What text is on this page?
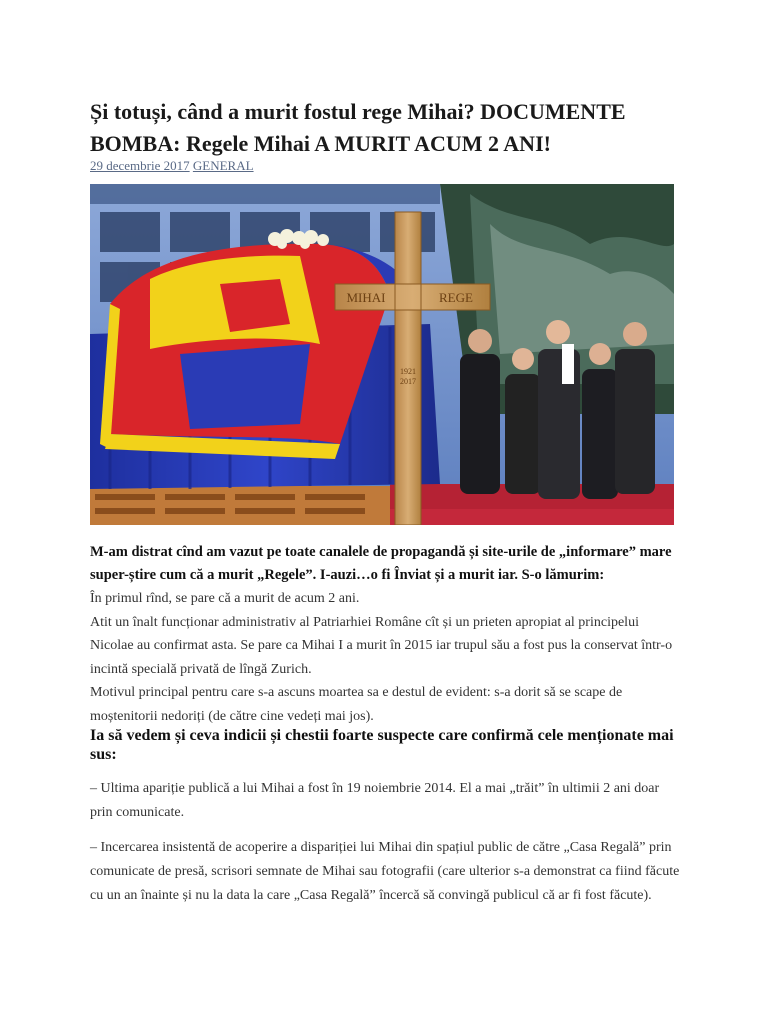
Și totuși, când a murit fostul rege Mihai? DOCUMENTE BOMBA: Regele Mihai A MURIT ACUM 2 ANI!
29 decembrie 2017 GENERAL
MIHAI	REGE
1921
2017
M-am distrat cînd am vazut pe toate canalele de propagandă și site-urile de „informare” mare super-știre cum că a murit „Regele”. I-auzi…o fi Înviat și a murit iar. S-o lămurim:

În primul rînd, se pare că a murit de acum 2 ani.

Atit un înalt funcționar administrativ al Patriarhiei Române cît și un prieten apropiat al principelui Nicolae au confirmat asta. Se pare ca Mihai I a murit în 2015 iar trupul său a fost pus la conservat într-o incintă specială privată de lîngă Zurich.

Motivul principal pentru care s-a ascuns moartea sa e destul de evident: s-a dorit să se scape de moștenitorii nedoriți (de către cine vedeți mai jos).

Ia să vedem și ceva indicii și chestii foarte suspecte care confirmă cele menționate mai sus:

– Ultima apariție publică a lui Mihai a fost în 19 noiembrie 2014. El a mai „trăit” în ultimii 2 ani doar prin comunicate.

– Incercarea insistentă de acoperire a dispariției lui Mihai din spațiul public de către „Casa Regală” prin comunicate de presă, scrisori semnate de Mihai sau fotografii (care ulterior s-a demonstrat ca fiind făcute cu un an înainte și nu la data la care „Casa Regală” încercă să convingă publicul că ar fi fost făcute).
